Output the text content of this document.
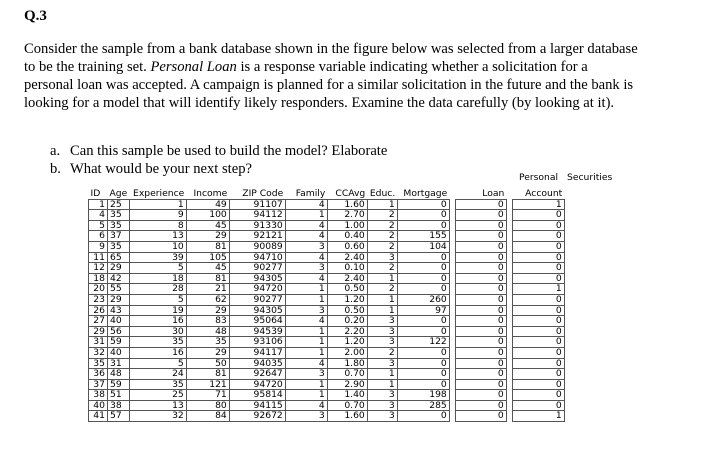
Q.3
Consider the sample from a bank database shown in the figure below was selected from a larger database
to be the training set. Personal Loan is a response variable indicating whether a solicitation for a
personal loan was accepted. A campaign is planned for a similar solicitation in the future and the bank is
looking for a model that will identify likely responders. Examine the data carefully (by looking at it).
a. Can this sample be used to build the model? Elaborate
b. What would be your next step?
Personal Securities
ID	Age	Experience	Income	ZIP Code	Family	CCAvg	Educ.	Mortgage		Loan		Account
1	25	1	49	91107	4	1.60	1	0		0		1
4	35	9	100	94112	1	2.70	2	0		0		0
5	35	8	45	91330	4	1.00	2	0		0		0
6	37	13	29	92121	4	0.40	2	155		0		0
9	35	10	81	90089	3	0.60	2	104		0		0
11	65	39	105	94710	4	2.40	3	0		0		0
12	29	5	45	90277	3	0.10	2	0		0		0
18	42	18	81	94305	4	2.40	1	0		0		0
20	55	28	21	94720	1	0.50	2	0		0		1
23	29	5	62	90277	1	1.20	1	260		0		0
26	43	19	29	94305	3	0.50	1	97		0		0
27	40	16	83	95064	4	0.20	3	0		0		0
29	56	30	48	94539	1	2.20	3	0		0		0
31	59	35	35	93106	1	1.20	3	122		0		0
32	40	16	29	94117	1	2.00	2	0		0		0
35	31	5	50	94035	4	1.80	3	0		0		0
36	48	24	81	92647	3	0.70	1	0		0		0
37	59	35	121	94720	1	2.90	1	0		0		0
38	51	25	71	95814	1	1.40	3	198		0		0
40	38	13	80	94115	4	0.70	3	285		0		0
41	57	32	84	92672	3	1.60	3	0		0		1
